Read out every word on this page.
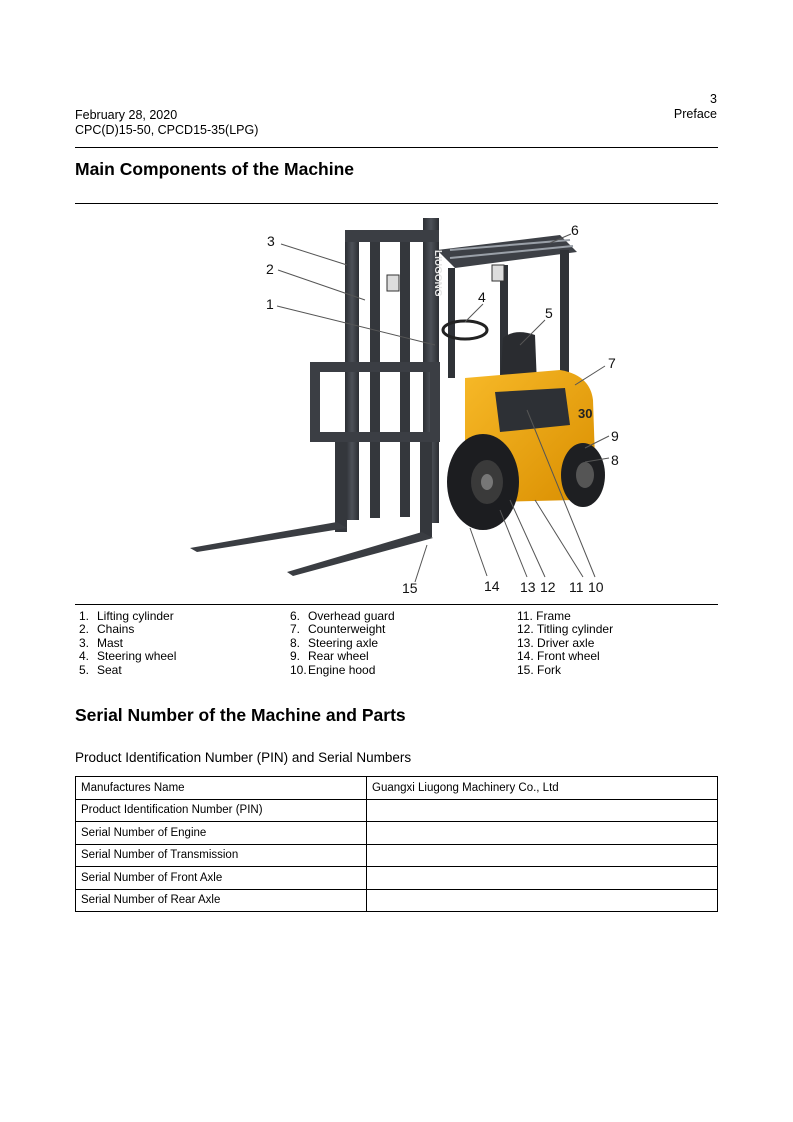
February 28, 2020
CPC(D)15-50, CPCD15-35(LPG)
3
Preface
Main Components of the Machine
30
LIUGONG
3
2
1	4
5
6
7
8
9
10
11
12
13
14
15
1. Lifting cylinder
2. Chains
3. Mast
4. Steering wheel
5. Seat
6. Overhead guard
7. Counterweight
8. Steering axle
9. Rear wheel
10.Engine hood
11. Frame
12. Titling cylinder
13. Driver axle
14. Front wheel
15. Fork
Serial Number of the Machine and Parts
Product Identification Number (PIN) and Serial Numbers
Manufactures Name	Guangxi Liugong Machinery Co., Ltd
Product Identification Number (PIN)	
Serial Number of Engine	
Serial Number of Transmission	
Serial Number of Front Axle	
Serial Number of Rear Axle	
